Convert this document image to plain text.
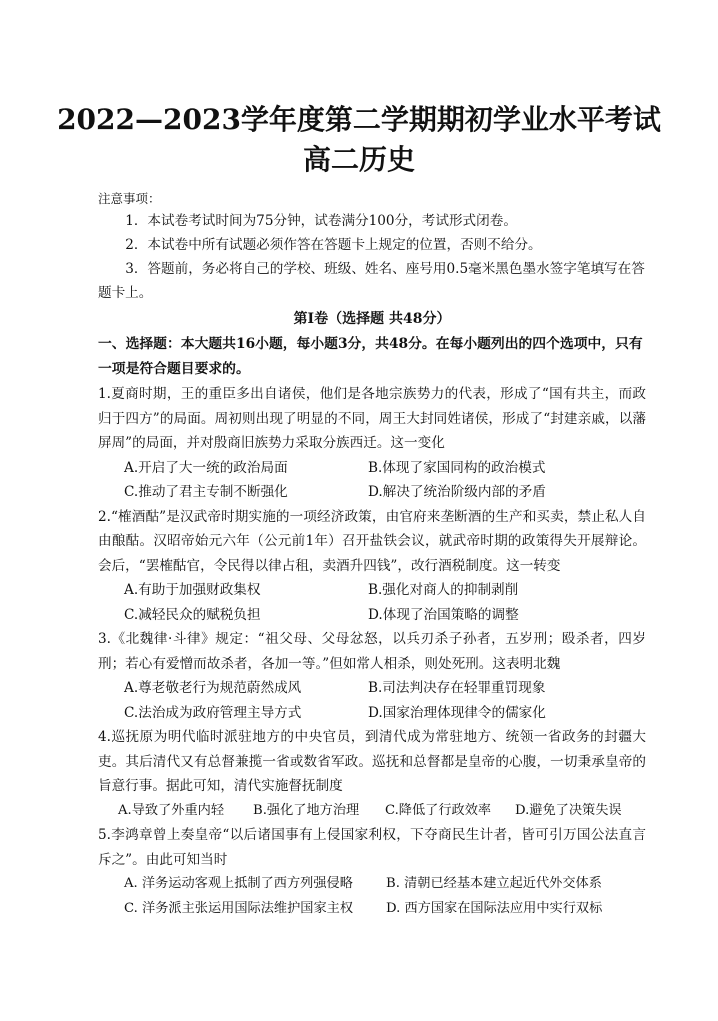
2022—2023学年度第二学期期初学业水平考试
高二历史

注意事项：

1．本试卷考试时间为75分钟，试卷满分100分，考试形式闭卷。

2．本试卷中所有试题必须作答在答题卡上规定的位置，否则不给分。

3．答题前，务必将自己的学校、班级、姓名、座号用0.5毫米黑色墨水签字笔填写在答题卡上。

第Ⅰ卷（选择题 共48分）

一、选择题：本大题共16小题，每小题3分，共48分。在每小题列出的四个选项中，只有一项是符合题目要求的。

1.夏商时期，王的重臣多出自诸侯，他们是各地宗族势力的代表，形成了“国有共主，而政归于四方”的局面。周初则出现了明显的不同，周王大封同姓诸侯，形成了“封建亲戚，以藩屏周”的局面，并对殷商旧族势力采取分族西迁。这一变化

A.开启了大一统的政治局面	B.体现了家国同构的政治模式
C.推动了君主专制不断强化	D.解决了统治阶级内部的矛盾

2.“榷酒酤”是汉武帝时期实施的一项经济政策，由官府来垄断酒的生产和买卖，禁止私人自由酿酤。汉昭帝始元六年（公元前1年）召开盐铁会议，就武帝时期的政策得失开展辩论。会后，“罢榷酤官，令民得以律占租，卖酒升四钱”，改行酒税制度。这一转变

A.有助于加强财政集权	B.强化对商人的抑制剥削
C.减轻民众的赋税负担	D.体现了治国策略的调整

3.《北魏律·斗律》规定：“祖父母、父母忿怒，以兵刃杀子孙者，五岁刑；殴杀者，四岁刑；若心有爱憎而故杀者，各加一等。”但如常人相杀，则处死刑。这表明北魏

A.尊老敬老行为规范蔚然成风	B.司法判决存在轻罪重罚现象
C.法治成为政府管理主导方式	D.国家治理体现律令的儒家化

4.巡抚原为明代临时派驻地方的中央官员，到清代成为常驻地方、统领一省政务的封疆大吏。其后清代又有总督兼揽一省或数省军政。巡抚和总督都是皇帝的心腹，一切秉承皇帝的旨意行事。据此可知，清代实施督抚制度

A.导致了外重内轻	B.强化了地方治理	C.降低了行政效率	D.避免了决策失误

5.李鸿章曾上奏皇帝“以后诸国事有上侵国家利权，下夺商民生计者，皆可引万国公法直言斥之”。由此可知当时

A. 洋务运动客观上抵制了西方列强侵略	B. 清朝已经基本建立起近代外交体系
C. 洋务派主张运用国际法维护国家主权	D. 西方国家在国际法应用中实行双标
